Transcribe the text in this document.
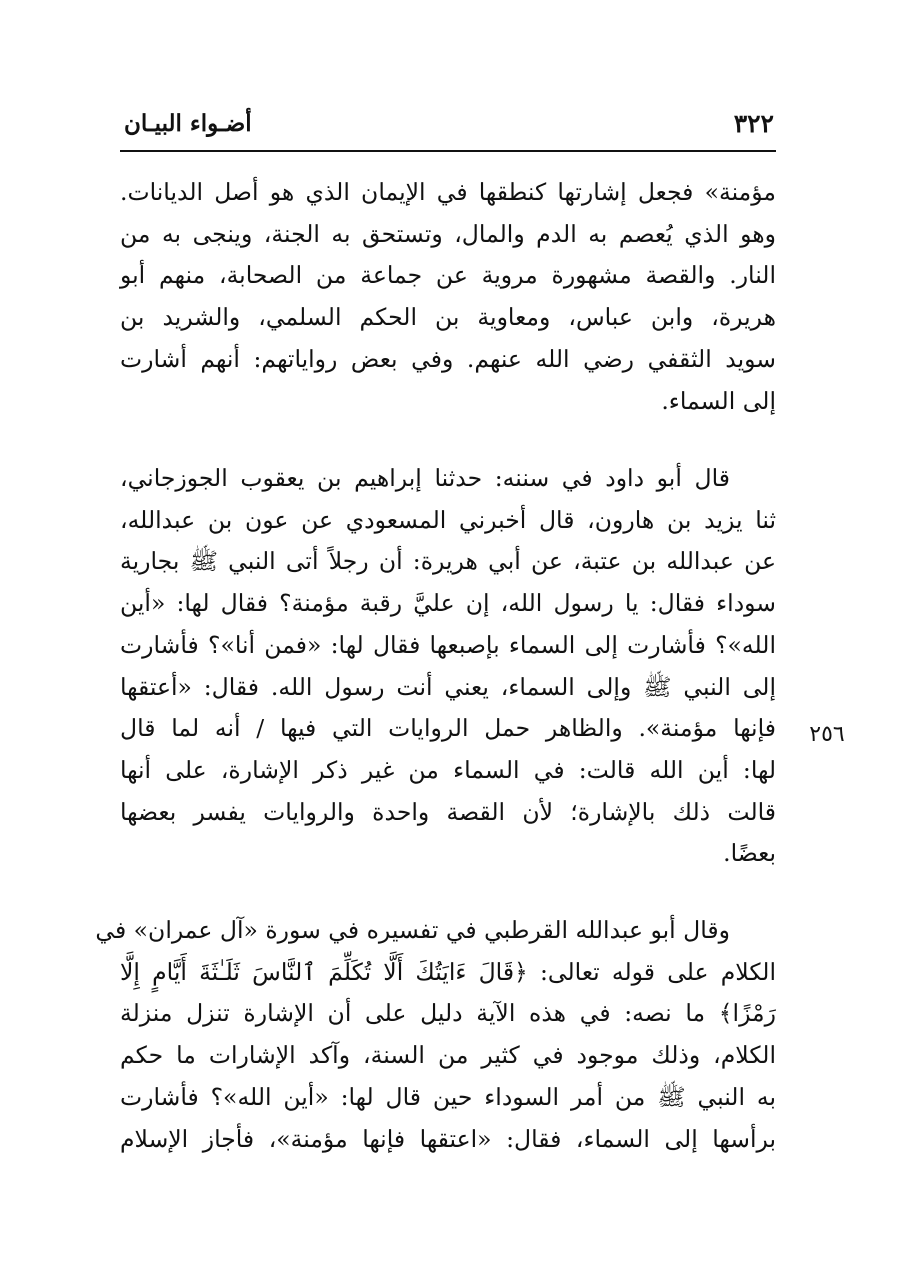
أضـواء البيـان	٣٢٢
مؤمنة» فجعل إشارتها كنطقها في الإيمان الذي هو أصل الديانات.
وهو الذي يُعصم به الدم والمال، وتستحق به الجنة، وينجى به من
النار. والقصة مشهورة مروية عن جماعة من الصحابة، منهم أبو
هريرة، وابن عباس، ومعاوية بن الحكم السلمي، والشريد بن
سويد الثقفي رضي الله عنهم. وفي بعض رواياتهم: أنهم أشارت
إلى السماء.
قال أبو داود في سننه: حدثنا إبراهيم بن يعقوب الجوزجاني،
ثنا يزيد بن هارون، قال أخبرني المسعودي عن عون بن عبدالله،
عن عبدالله بن عتبة، عن أبي هريرة: أن رجلاً أتى النبي ﷺ بجارية
سوداء فقال: يا رسول الله، إن عليَّ رقبة مؤمنة؟ فقال لها: «أين
الله»؟ فأشارت إلى السماء بإصبعها فقال لها: «فمن أنا»؟ فأشارت
إلى النبي ﷺ وإلى السماء، يعني أنت رسول الله. فقال: «أعتقها
فإنها مؤمنة». والظاهر حمل الروايات التي فيها / أنه لما قال
لها: أين الله قالت: في السماء من غير ذكر الإشارة، على أنها
قالت ذلك بالإشارة؛ لأن القصة واحدة والروايات يفسر بعضها
بعضًا.
وقال أبو عبدالله القرطبي في تفسيره في سورة «آل عمران» في
الكلام على قوله تعالى: ﴿قَالَ ءَايَتُكَ أَلَّا تُكَلِّمَ ٱلنَّاسَ ثَلَـٰثَةَ أَيَّامٍ إِلَّا
رَمْزًا﴾ ما نصه: في هذه الآية دليل على أن الإشارة تنزل منزلة
الكلام، وذلك موجود في كثير من السنة، وآكد الإشارات ما حكم
به النبي ﷺ من أمر السوداء حين قال لها: «أين الله»؟ فأشارت
برأسها إلى السماء، فقال: «اعتقها فإنها مؤمنة»، فأجاز الإسلام
٢٥٦
